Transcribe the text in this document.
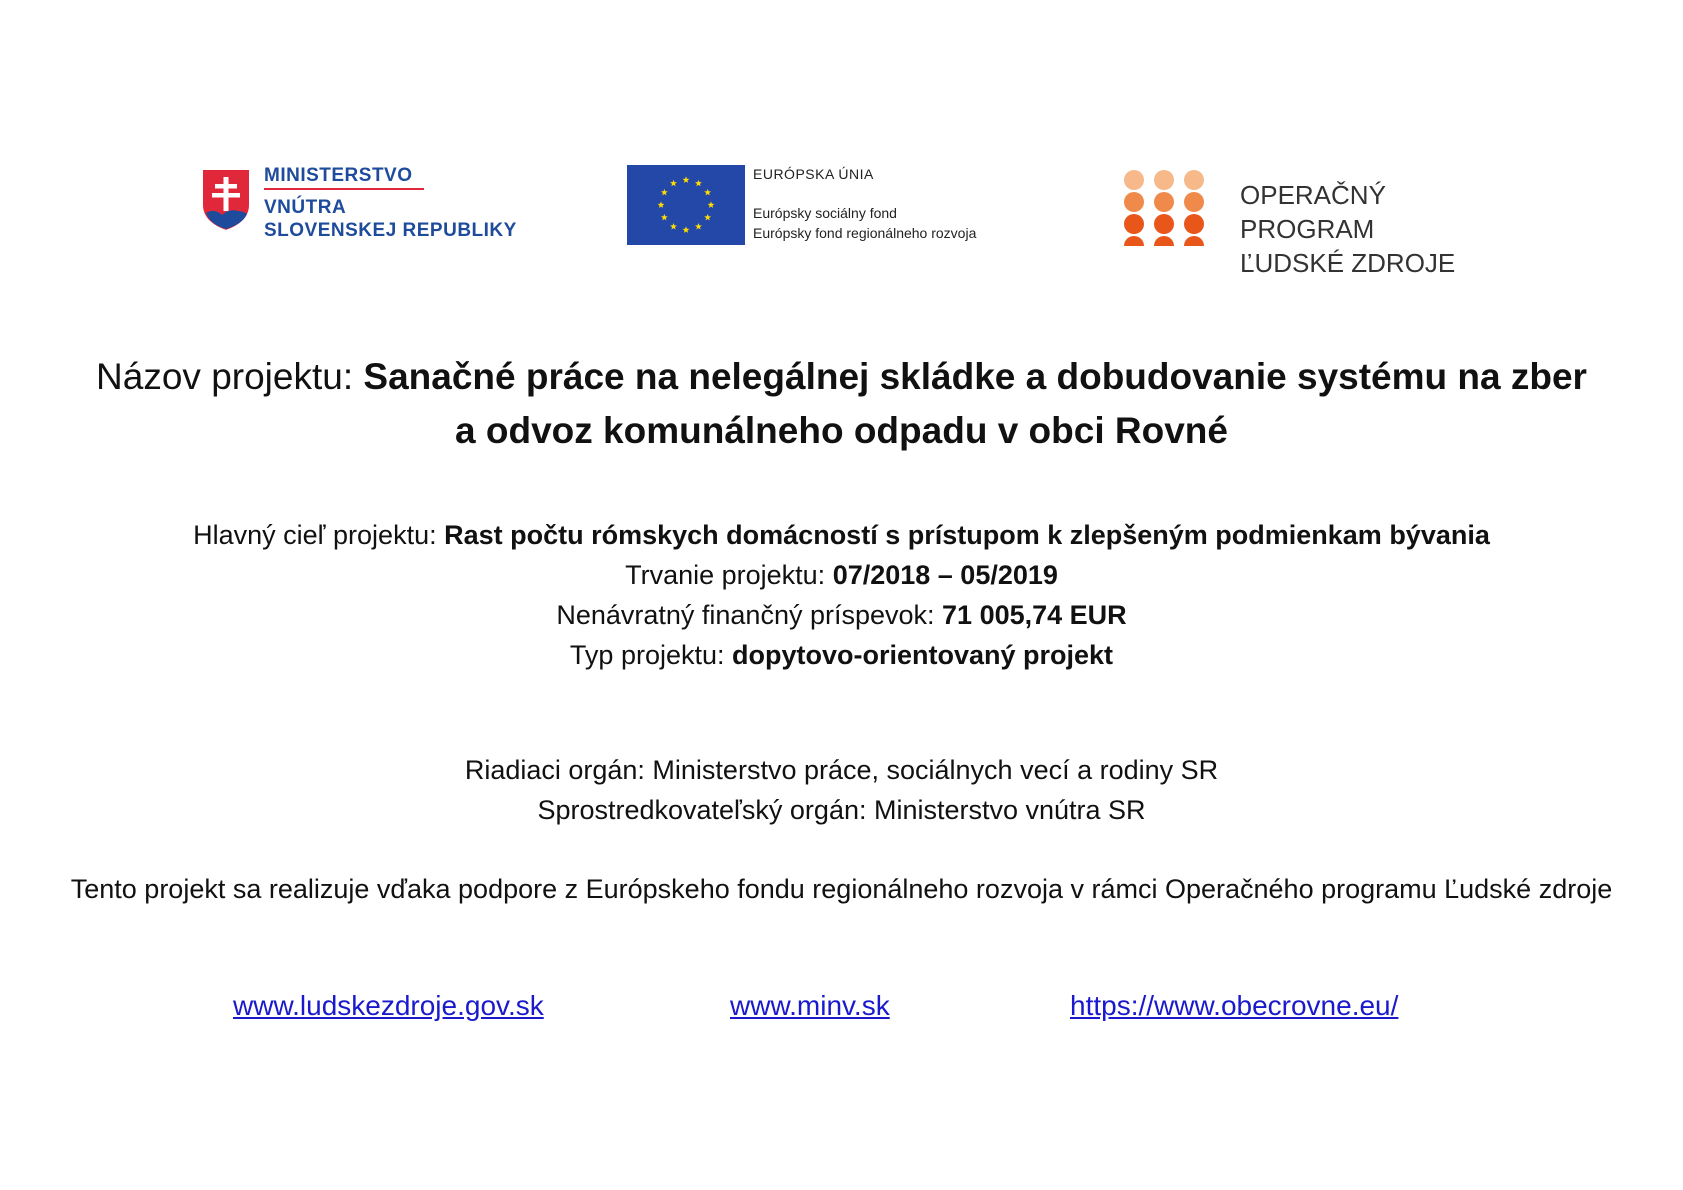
MINISTERSTVO
VNÚTRA
SLOVENSKEJ REPUBLIKY
EURÓPSKA ÚNIA
Európsky sociálny fond
Európsky fond regionálneho rozvoja
OPERAČNÝ PROGRAM
ĽUDSKÉ ZDROJE
Názov projektu: Sanačné práce na nelegálnej skládke a dobudovanie systému na zber
a odvoz komunálneho odpadu v obci Rovné
Hlavný cieľ projektu: Rast počtu rómskych domácností s prístupom k zlepšeným podmienkam bývania
Trvanie projektu: 07/2018 – 05/2019
Nenávratný finančný príspevok: 71 005,74 EUR
Typ projektu: dopytovo-orientovaný projekt
Riadiaci orgán: Ministerstvo práce, sociálnych vecí a rodiny SR
Sprostredkovateľský orgán: Ministerstvo vnútra SR
Tento projekt sa realizuje vďaka podpore z Európskeho fondu regionálneho rozvoja v rámci Operačného programu Ľudské zdroje
www.ludskezdroje.gov.sk	www.minv.sk	https://www.obecrovne.eu/
